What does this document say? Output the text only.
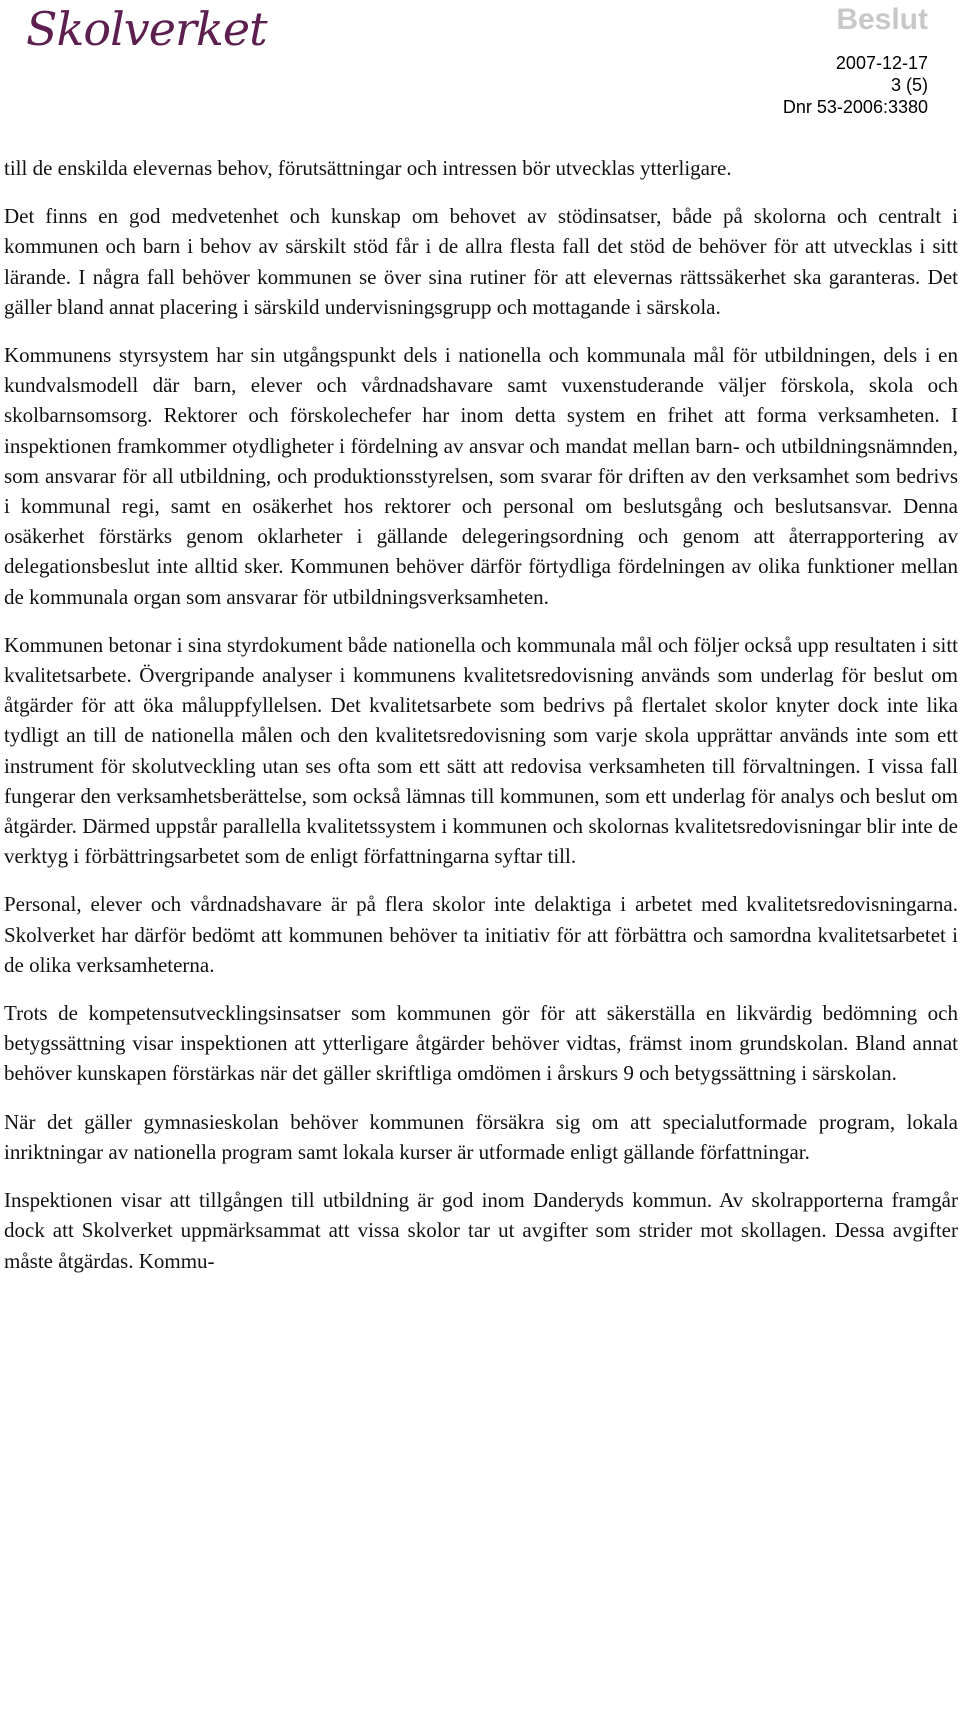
Skolverket	Beslut
2007-12-17
3 (5)
Dnr 53-2006:3380

till de enskilda elevernas behov, förutsättningar och intressen bör utvecklas ytterligare.

Det finns en god medvetenhet och kunskap om behovet av stödinsatser, både på skolorna och centralt i kommunen och barn i behov av särskilt stöd får i de allra flesta fall det stöd de behöver för att utvecklas i sitt lärande. I några fall behöver kommunen se över sina rutiner för att elevernas rättssäkerhet ska garanteras. Det gäller bland annat placering i särskild undervisningsgrupp och mottagande i särskola.

Kommunens styrsystem har sin utgångspunkt dels i nationella och kommunala mål för utbildningen, dels i en kundvalsmodell där barn, elever och vårdnadshavare samt vuxenstuderande väljer förskola, skola och skolbarnsomsorg. Rektorer och förskolechefer har inom detta system en frihet att forma verksamheten. I inspektionen framkommer otydligheter i fördelning av ansvar och mandat mellan barn- och utbildningsnämnden, som ansvarar för all utbildning, och produktionsstyrelsen, som svarar för driften av den verksamhet som bedrivs i kommunal regi, samt en osäkerhet hos rektorer och personal om beslutsgång och beslutsansvar. Denna osäkerhet förstärks genom oklarheter i gällande delegeringsordning och genom att återrapportering av delegationsbeslut inte alltid sker. Kommunen behöver därför förtydliga fördelningen av olika funktioner mellan de kommunala organ som ansvarar för utbildningsverksamheten.

Kommunen betonar i sina styrdokument både nationella och kommunala mål och följer också upp resultaten i sitt kvalitetsarbete. Övergripande analyser i kommunens kvalitetsredovisning används som underlag för beslut om åtgärder för att öka måluppfyllelsen. Det kvalitetsarbete som bedrivs på flertalet skolor knyter dock inte lika tydligt an till de nationella målen och den kvalitetsredovisning som varje skola upprättar används inte som ett instrument för skolutveckling utan ses ofta som ett sätt att redovisa verksamheten till förvaltningen. I vissa fall fungerar den verksamhetsberättelse, som också lämnas till kommunen, som ett underlag för analys och beslut om åtgärder. Därmed uppstår parallella kvalitetssystem i kommunen och skolornas kvalitetsredovisningar blir inte de verktyg i förbättringsarbetet som de enligt författningarna syftar till.

Personal, elever och vårdnadshavare är på flera skolor inte delaktiga i arbetet med kvalitetsredovisningarna. Skolverket har därför bedömt att kommunen behöver ta initiativ för att förbättra och samordna kvalitetsarbetet i de olika verksamheterna.

Trots de kompetensutvecklingsinsatser som kommunen gör för att säkerställa en likvärdig bedömning och betygssättning visar inspektionen att ytterligare åtgärder behöver vidtas, främst inom grundskolan. Bland annat behöver kunskapen förstärkas när det gäller skriftliga omdömen i årskurs 9 och betygssättning i särskolan.

När det gäller gymnasieskolan behöver kommunen försäkra sig om att specialutformade program, lokala inriktningar av nationella program samt lokala kurser är utformade enligt gällande författningar.

Inspektionen visar att tillgången till utbildning är god inom Danderyds kommun. Av skolrapporterna framgår dock att Skolverket uppmärksammat att vissa skolor tar ut avgifter som strider mot skollagen. Dessa avgifter måste åtgärdas. Kommu-
